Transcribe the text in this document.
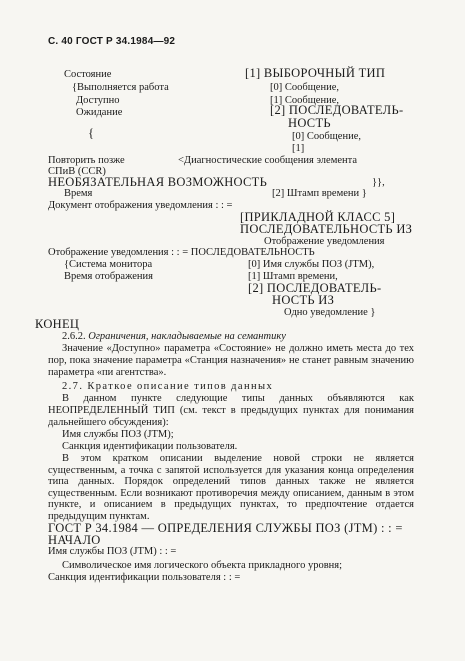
С. 40 ГОСТ Р 34.1984—92
Состояние	[1] ВЫБОРОЧНЫЙ ТИП
{Выполняется работа	[0] Сообщение,
Доступно	[1] Сообщение,
Ожидание	[2] ПОСЛЕДОВАТЕЛЬ-
НОСТЬ
[0] Сообщение,
{
[1]
Повторить позже	<Диагностические сообщения элемента
СПиВ (CCR)
НЕОБЯЗАТЕЛЬНАЯ ВОЗМОЖНОСТЬ	}},
Время	[2] Штамп времени }
Документ отображения уведомления : : =
[ПРИКЛАДНОЙ КЛАСС 5]
ПОСЛЕДОВАТЕЛЬНОСТЬ ИЗ
Отображение уведомления
Отображение уведомления : : = ПОСЛЕДОВАТЕЛЬНОСТЬ
{Система монитора	[0] Имя службы ПОЗ (JTM),
Время отображения	[1] Штамп времени,
[2] ПОСЛЕДОВАТЕЛЬ-
НОСТЬ ИЗ
Одно уведомление }
КОНЕЦ
2.6.2. Ограничения, накладываемые на семантику
Значение «Доступно» параметра «Состояние» не должно иметь места до тех пор, пока значение параметра «Станция назначения» не станет равным значению параметра «пи агентства».
2.7. Краткое описание типов данных
В данном пункте следующие типы данных объявляются как НЕОПРЕДЕЛЕННЫЙ ТИП (см. текст в предыдущих пунктах для понимания дальнейшего обсуждения):
Имя службы ПОЗ (JTM);
Санкция идентификации пользователя.
В этом кратком описании выделение новой строки не является существенным, а точка с запятой используется для указания конца определения типа данных. Порядок определений типов данных также не является существенным. Если возникают противоречия между описанием, данным в этом пункте, и описанием в предыдущих пунктах, то предпочтение отдается предыдущим пунктам.
ГОСТ Р 34.1984 — ОПРЕДЕЛЕНИЯ СЛУЖБЫ ПОЗ (JTM) : : =
НАЧАЛО
Имя службы ПОЗ (JTM) : : =
Символическое имя логического объекта прикладного уровня;
Санкция идентификации пользователя : : =
